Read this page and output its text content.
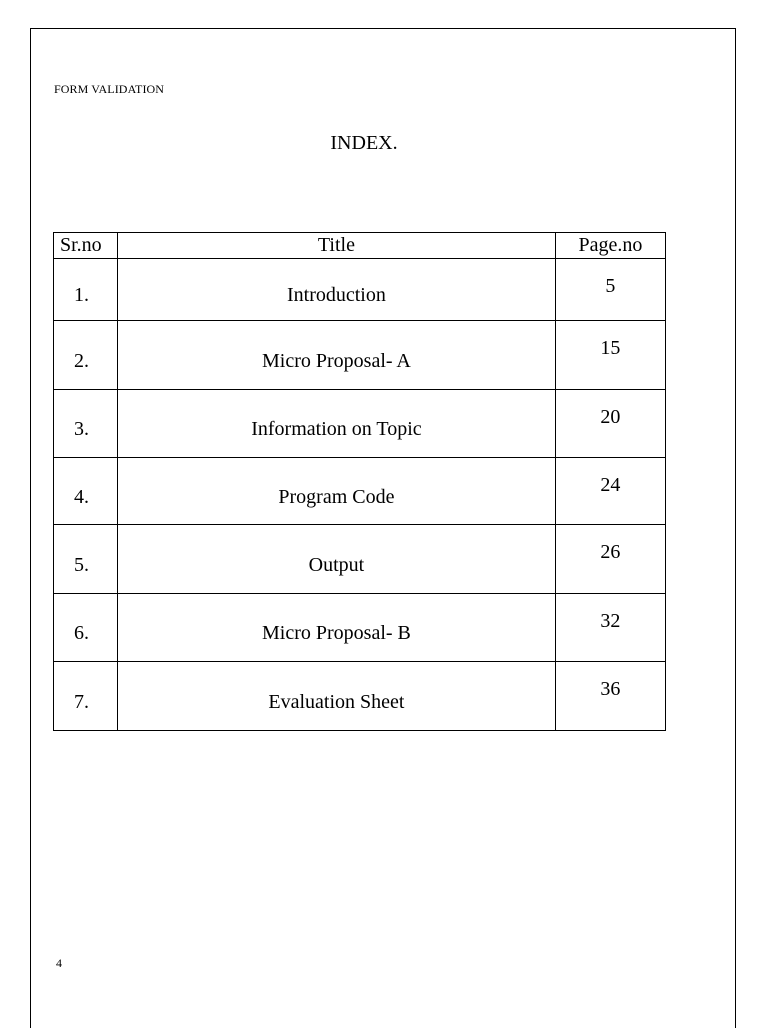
FORM VALIDATION
INDEX.
Sr.no	Title	Page.no
1.	Introduction	5
2.	Micro Proposal- A	15
3.	Information on Topic	20
4.	Program Code	24
5.	Output	26
6.	Micro Proposal- B	32
7.	Evaluation Sheet	36
4
